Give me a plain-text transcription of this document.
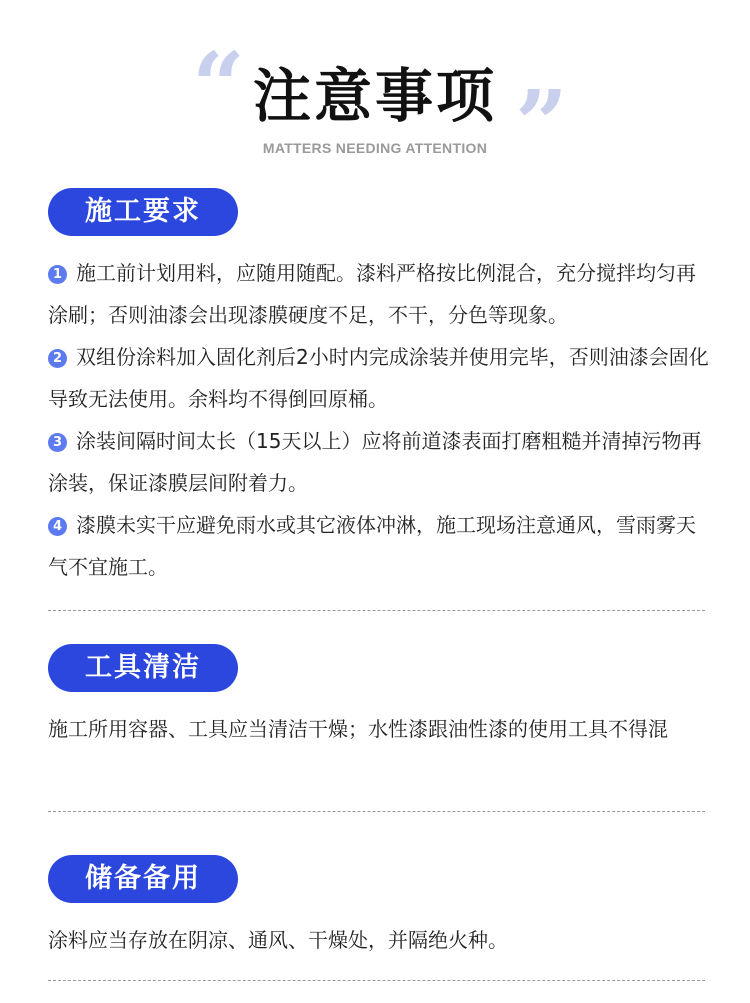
“ 注意事项 ”
MATTERS NEEDING ATTENTION
施工要求
1 施工前计划用料，应随用随配。漆料严格按比例混合，充分搅拌均匀再涂刷；否则油漆会出现漆膜硬度不足，不干，分色等现象。
2 双组份涂料加入固化剂后2小时内完成涂装并使用完毕，否则油漆会固化导致无法使用。余料均不得倒回原桶。
3 涂装间隔时间太长（15天以上）应将前道漆表面打磨粗糙并清掉污物再涂装，保证漆膜层间附着力。
4 漆膜未实干应避免雨水或其它液体冲淋，施工现场注意通风，雪雨雾天气不宜施工。
工具清洁
施工所用容器、工具应当清洁干燥；水性漆跟油性漆的使用工具不得混
储备备用
涂料应当存放在阴凉、通风、干燥处，并隔绝火种。
